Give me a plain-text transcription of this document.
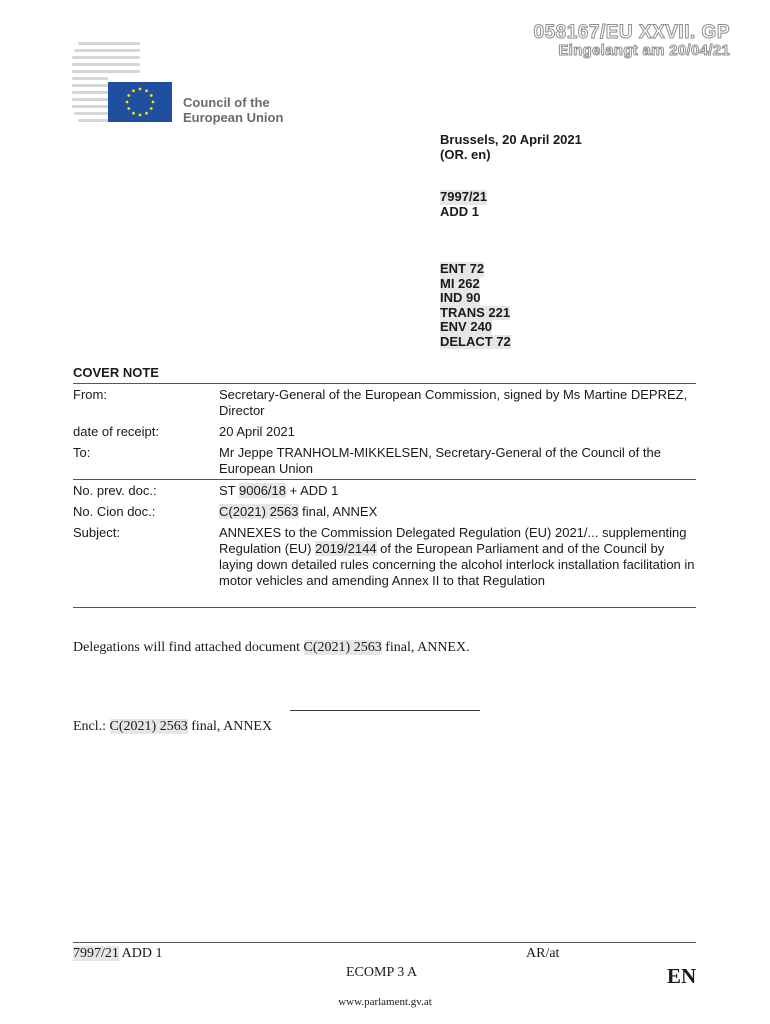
058167/EU XXVII. GP
Eingelangt am 20/04/21
Council of the
European Union
Brussels, 20 April 2021
(OR. en)
7997/21
ADD 1
ENT 72
MI 262
IND 90
TRANS 221
ENV 240
DELACT 72
COVER NOTE
From:	Secretary-General of the European Commission, signed by Ms Martine DEPREZ, Director
date of receipt:	20 April 2021
To:	Mr Jeppe TRANHOLM-MIKKELSEN, Secretary-General of the Council of the European Union
No. prev. doc.:	ST 9006/18 + ADD 1
No. Cion doc.:	C(2021) 2563 final, ANNEX
Subject:	ANNEXES to the Commission Delegated Regulation (EU) 2021/... supplementing Regulation (EU) 2019/2144 of the European Parliament and of the Council by laying down detailed rules concerning the alcohol interlock installation facilitation in motor vehicles and amending Annex II to that Regulation
Delegations will find attached document C(2021) 2563 final, ANNEX.
Encl.: C(2021) 2563 final, ANNEX
7997/21 ADD 1	AR/at
ECOMP 3 A	EN
www.parlament.gv.at
